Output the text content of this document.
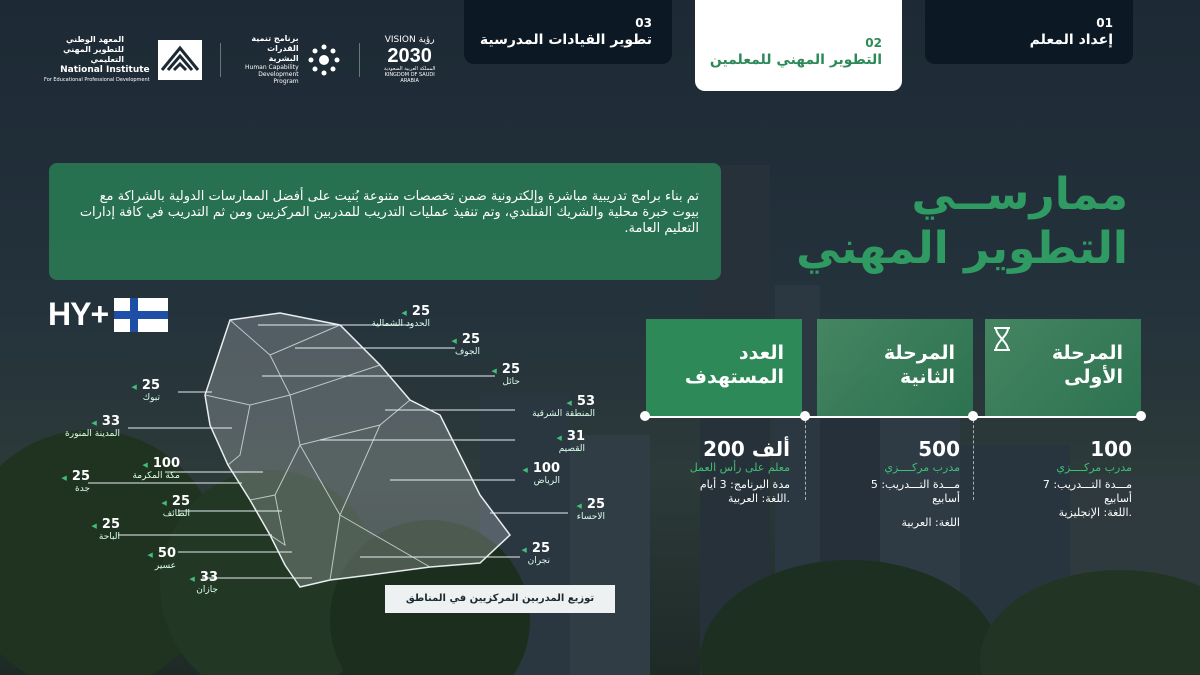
المعهد الوطني للتطوير المهني التعليمي
National Institute
For Educational Professional Development
برنامج تنمية القدرات البشرية
Human Capability Development Program
VISION رؤية
2030
المملكة العربية السعودية KINGDOM OF SAUDI ARABIA
03
تطوير القيادات المدرسية	02
التطوير المهني للمعلمين
01
إعداد المعلم
تم بناء برامج تدريبية مباشرة وإلكترونية ضمن تخصصات متنوعة بُنيت على أفضل الممارسات الدولية بالشراكة مع بيوت خبرة محلية والشريك الفنلندي، وتم تنفيذ عمليات التدريب للمدربين المركزيين ومن ثم التدريب في كافة إدارات التعليم العامة.
ممارســي
التطوير المهني
HY+	◀ 25
الحدود الشمالية
◀ 25
الجوف
◀ 25
حائل
◀ 25
تبوك	◀ 53
المنطقة الشرقية
◀ 33
المدينة المنورة	◀ 31
القصيم
◀ 100
مكة المكرمة
◀ 100
الرياض
◀ 25
جدة
◀ 25
الطائف
◀ 25
الاحساء
◀ 25
الباحة
◀ 25
نجران
◀ 50
عسير
◀ 33
جازان
توزيع المدربين المركزيين في المناطق
العدد المستهدف
المرحلة الثانية
المرحلة الأولى
200 ألف
معلم على رأس العمل
مدة البرنامج: 3 أيام
اللغة: العربية.
500
مدرب مركــــزي
مـــدة التـــدريب: 5
أسابيع
اللغة: العربية
100
مدرب مركــــزي
مـــدة التـــدريب: 7
أسابيع
اللغة: الإنجليزية.
